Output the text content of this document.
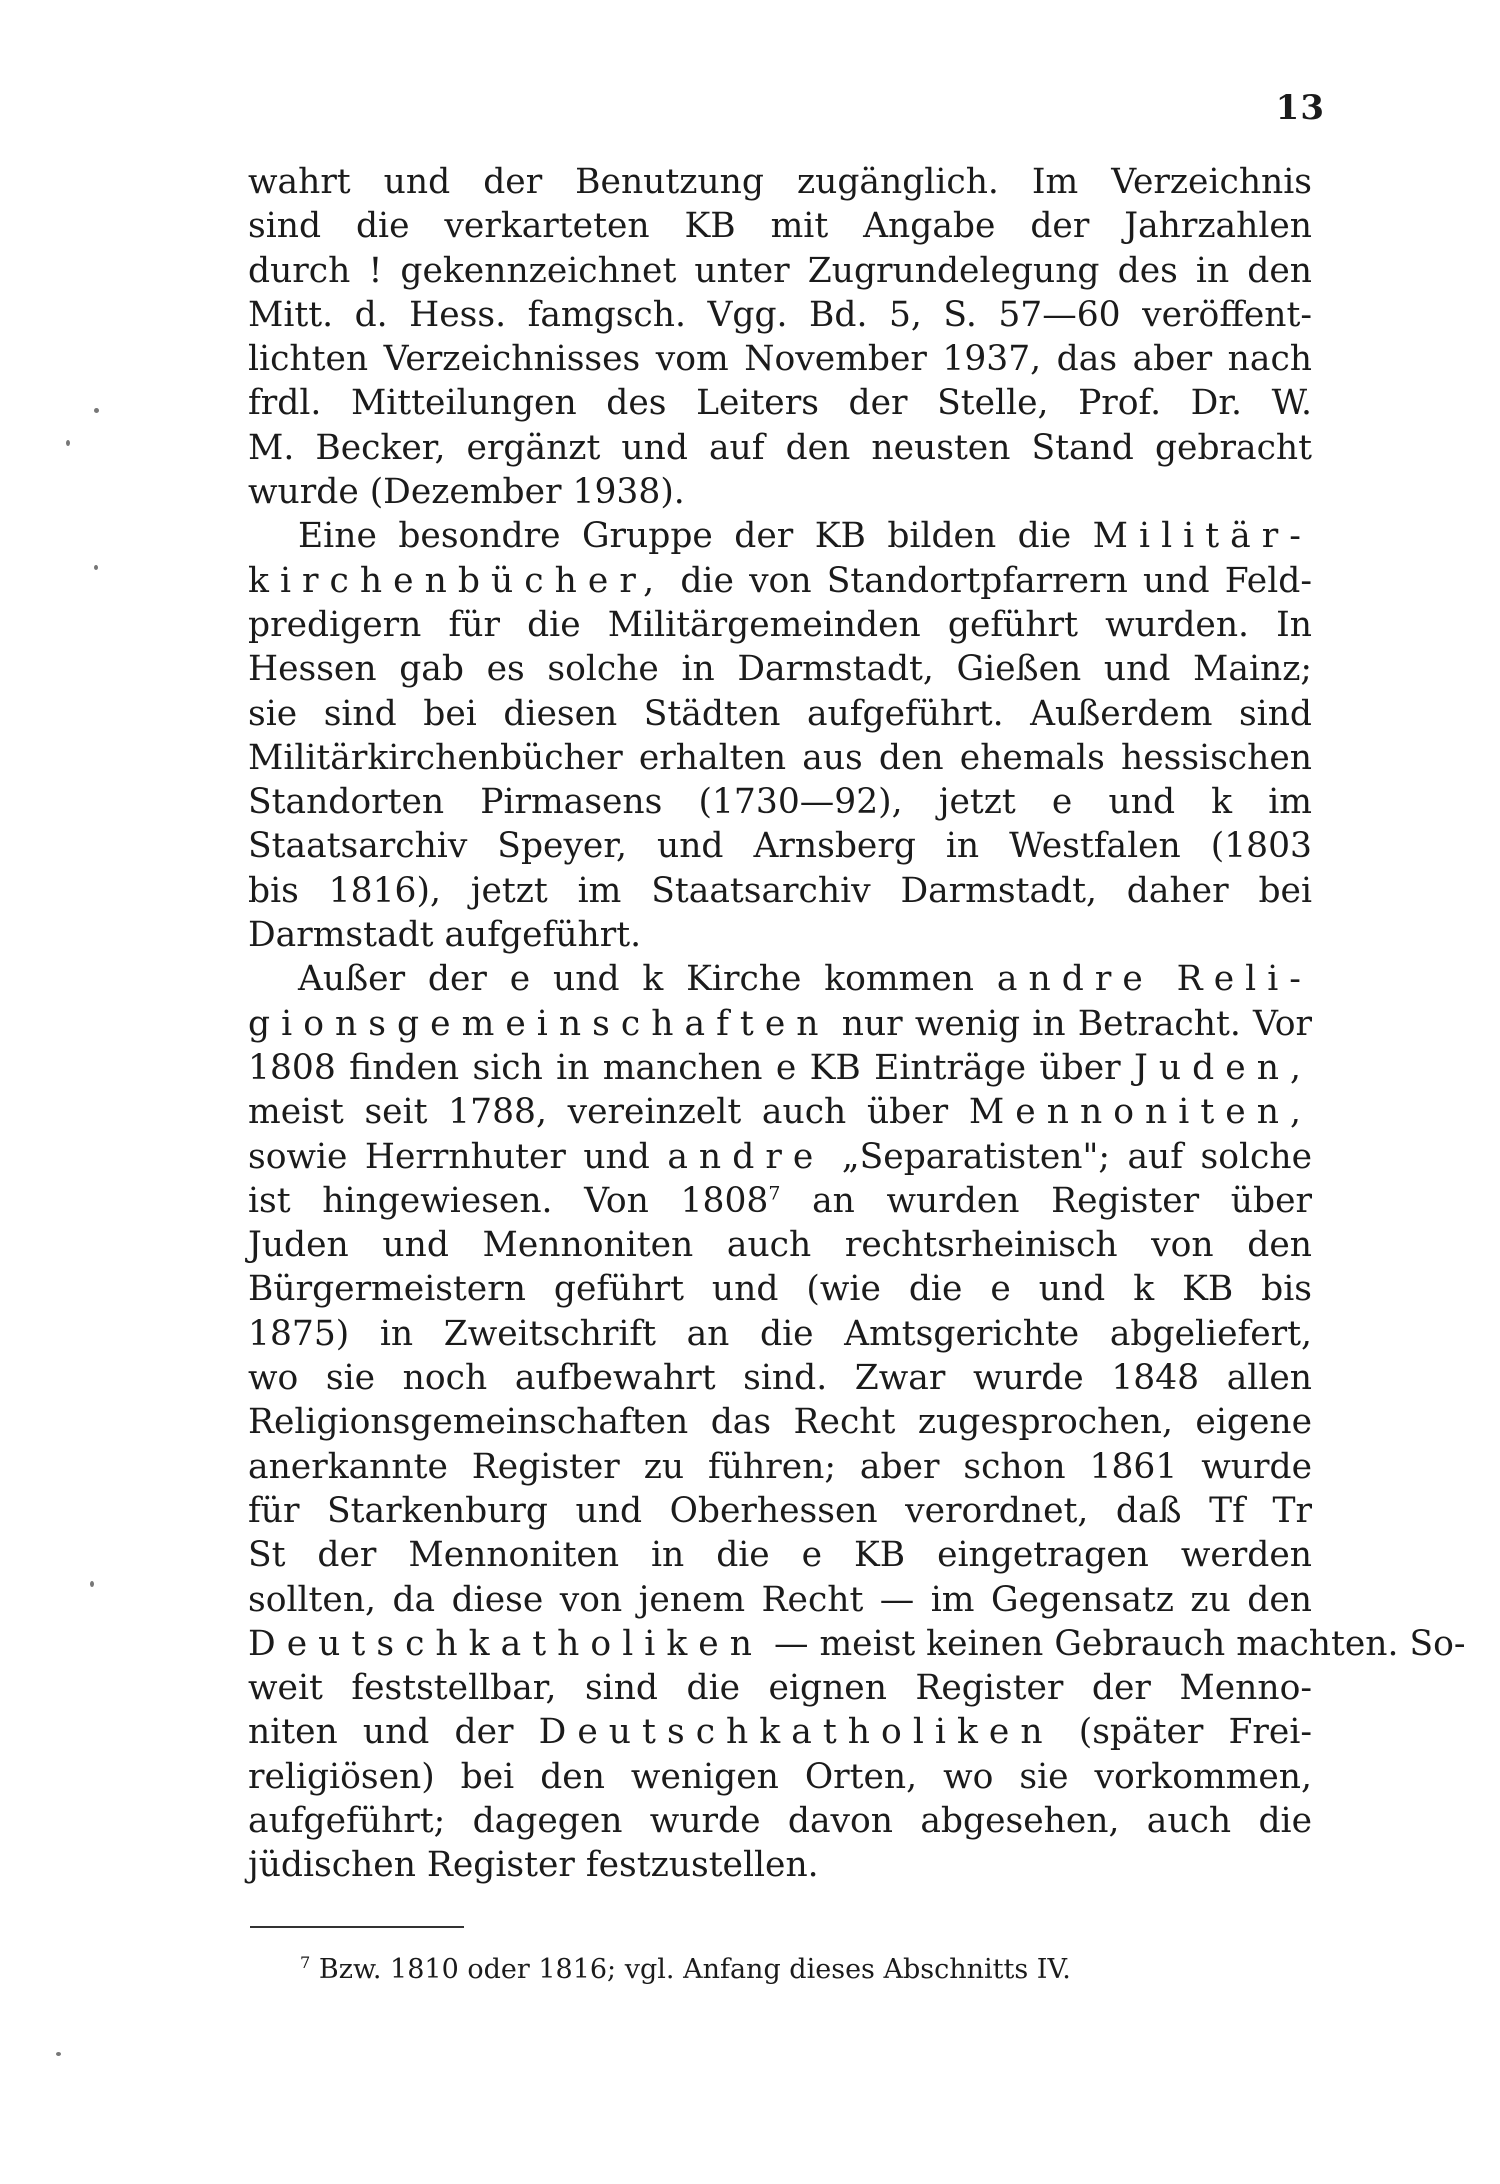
13
wahrt und der Benutzung zugänglich. Im Verzeichnis
sind die verkarteten KB mit Angabe der Jahrzahlen
durch ! gekennzeichnet unter Zugrundelegung des in den
Mitt. d. Hess. famgsch. Vgg. Bd. 5, S. 57—60 veröffent-
lichten Verzeichnisses vom November 1937, das aber nach
frdl. Mitteilungen des Leiters der Stelle, Prof. Dr. W.
M. Becker, ergänzt und auf den neusten Stand gebracht
wurde (Dezember 1938).
Eine besondre Gruppe der KB bilden die Militär-
kirchenbücher, die von Standortpfarrern und Feld-
predigern für die Militärgemeinden geführt wurden. In
Hessen gab es solche in Darmstadt, Gießen und Mainz;
sie sind bei diesen Städten aufgeführt. Außerdem sind
Militärkirchenbücher erhalten aus den ehemals hessischen
Standorten Pirmasens (1730—92), jetzt e und k im
Staatsarchiv Speyer, und Arnsberg in Westfalen (1803
bis 1816), jetzt im Staatsarchiv Darmstadt, daher bei
Darmstadt aufgeführt.
Außer der e und k Kirche kommen andre Reli-
gionsgemeinschaften nur wenig in Betracht. Vor
1808 finden sich in manchen e KB Einträge über Juden,
meist seit 1788, vereinzelt auch über Mennoniten,
sowie Herrnhuter und andre „Separatisten"; auf solche
ist hingewiesen. Von 1808$^7$ an wurden Register über
Juden und Mennoniten auch rechtsrheinisch von den
Bürgermeistern geführt und (wie die e und k KB bis
1875) in Zweitschrift an die Amtsgerichte abgeliefert,
wo sie noch aufbewahrt sind. Zwar wurde 1848 allen
Religionsgemeinschaften das Recht zugesprochen, eigene
anerkannte Register zu führen; aber schon 1861 wurde
für Starkenburg und Oberhessen verordnet, daß Tf Tr
St der Mennoniten in die e KB eingetragen werden
sollten, da diese von jenem Recht — im Gegensatz zu den
Deutschkatholiken — meist keinen Gebrauch machten. So-
weit feststellbar, sind die eignen Register der Menno-
niten und der Deutschkatholiken (später Frei-
religiösen) bei den wenigen Orten, wo sie vorkommen,
aufgeführt; dagegen wurde davon abgesehen, auch die
jüdischen Register festzustellen.
$^7$ Bzw. 1810 oder 1816; vgl. Anfang dieses Abschnitts IV.
